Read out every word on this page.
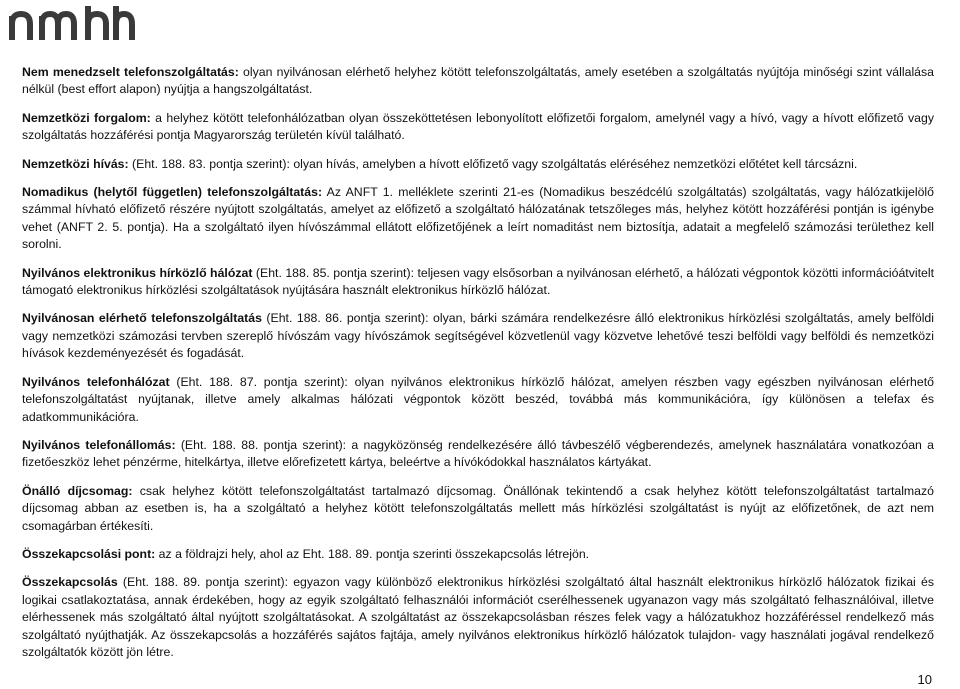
Nem menedzselt telefonszolgáltatás: olyan nyilvánosan elérhető helyhez kötött telefonszolgáltatás, amely esetében a szolgáltatás nyújtója minőségi szint vállalása nélkül (best effort alapon) nyújtja a hangszolgáltatást.

Nemzetközi forgalom: a helyhez kötött telefonhálózatban olyan összeköttetésen lebonyolított előfizetői forgalom, amelynél vagy a hívó, vagy a hívott előfizető vagy szolgáltatás hozzáférési pontja Magyarország területén kívül található.

Nemzetközi hívás: (Eht. 188. 83. pontja szerint): olyan hívás, amelyben a hívott előfizető vagy szolgáltatás eléréséhez nemzetközi előtétet kell tárcsázni.

Nomadikus (helytől független) telefonszolgáltatás: Az ANFT 1. melléklete szerinti 21-es (Nomadikus beszédcélú szolgáltatás) szolgáltatás, vagy hálózatkijelölő számmal hívható előfizető részére nyújtott szolgáltatás, amelyet az előfizető a szolgáltató hálózatának tetszőleges más, helyhez kötött hozzáférési pontján is igénybe vehet (ANFT 2. 5. pontja). Ha a szolgáltató ilyen hívószámmal ellátott előfizetőjének a leírt nomaditást nem biztosítja, adatait a megfelelő számozási területhez kell sorolni.

Nyilvános elektronikus hírközlő hálózat (Eht. 188. 85. pontja szerint): teljesen vagy elsősorban a nyilvánosan elérhető, a hálózati végpontok közötti információátvitelt támogató elektronikus hírközlési szolgáltatások nyújtására használt elektronikus hírközlő hálózat.

Nyilvánosan elérhető telefonszolgáltatás (Eht. 188. 86. pontja szerint): olyan, bárki számára rendelkezésre álló elektronikus hírközlési szolgáltatás, amely belföldi vagy nemzetközi számozási tervben szereplő hívószám vagy hívószámok segítségével közvetlenül vagy közvetve lehetővé teszi belföldi vagy belföldi és nemzetközi hívások kezdeményezését és fogadását.

Nyilvános telefonhálózat (Eht. 188. 87. pontja szerint): olyan nyilvános elektronikus hírközlő hálózat, amelyen részben vagy egészben nyilvánosan elérhető telefonszolgáltatást nyújtanak, illetve amely alkalmas hálózati végpontok között beszéd, továbbá más kommunikációra, így különösen a telefax és adatkommunikációra.

Nyilvános telefonállomás: (Eht. 188. 88. pontja szerint): a nagyközönség rendelkezésére álló távbeszélő végberendezés, amelynek használatára vonatkozóan a fizetőeszköz lehet pénzérme, hitelkártya, illetve előrefizetett kártya, beleértve a hívókódokkal használatos kártyákat.

Önálló díjcsomag: csak helyhez kötött telefonszolgáltatást tartalmazó díjcsomag. Önállónak tekintendő a csak helyhez kötött telefonszolgáltatást tartalmazó díjcsomag abban az esetben is, ha a szolgáltató a helyhez kötött telefonszolgáltatás mellett más hírközlési szolgáltatást is nyújt az előfizetőnek, de azt nem csomagárban értékesíti.

Összekapcsolási pont: az a földrajzi hely, ahol az Eht. 188. 89. pontja szerinti összekapcsolás létrejön.

Összekapcsolás (Eht. 188. 89. pontja szerint): egyazon vagy különböző elektronikus hírközlési szolgáltató által használt elektronikus hírközlő hálózatok fizikai és logikai csatlakoztatása, annak érdekében, hogy az egyik szolgáltató felhasználói információt cserélhessenek ugyanazon vagy más szolgáltató felhasználóival, illetve elérhessenek más szolgáltató által nyújtott szolgáltatásokat. A szolgáltatást az összekapcsolásban részes felek vagy a hálózatukhoz hozzáféréssel rendelkező más szolgáltató nyújthatják. Az összekapcsolás a hozzáférés sajátos fajtája, amely nyilvános elektronikus hírközlő hálózatok tulajdon- vagy használati jogával rendelkező szolgáltatók között jön létre.

10
